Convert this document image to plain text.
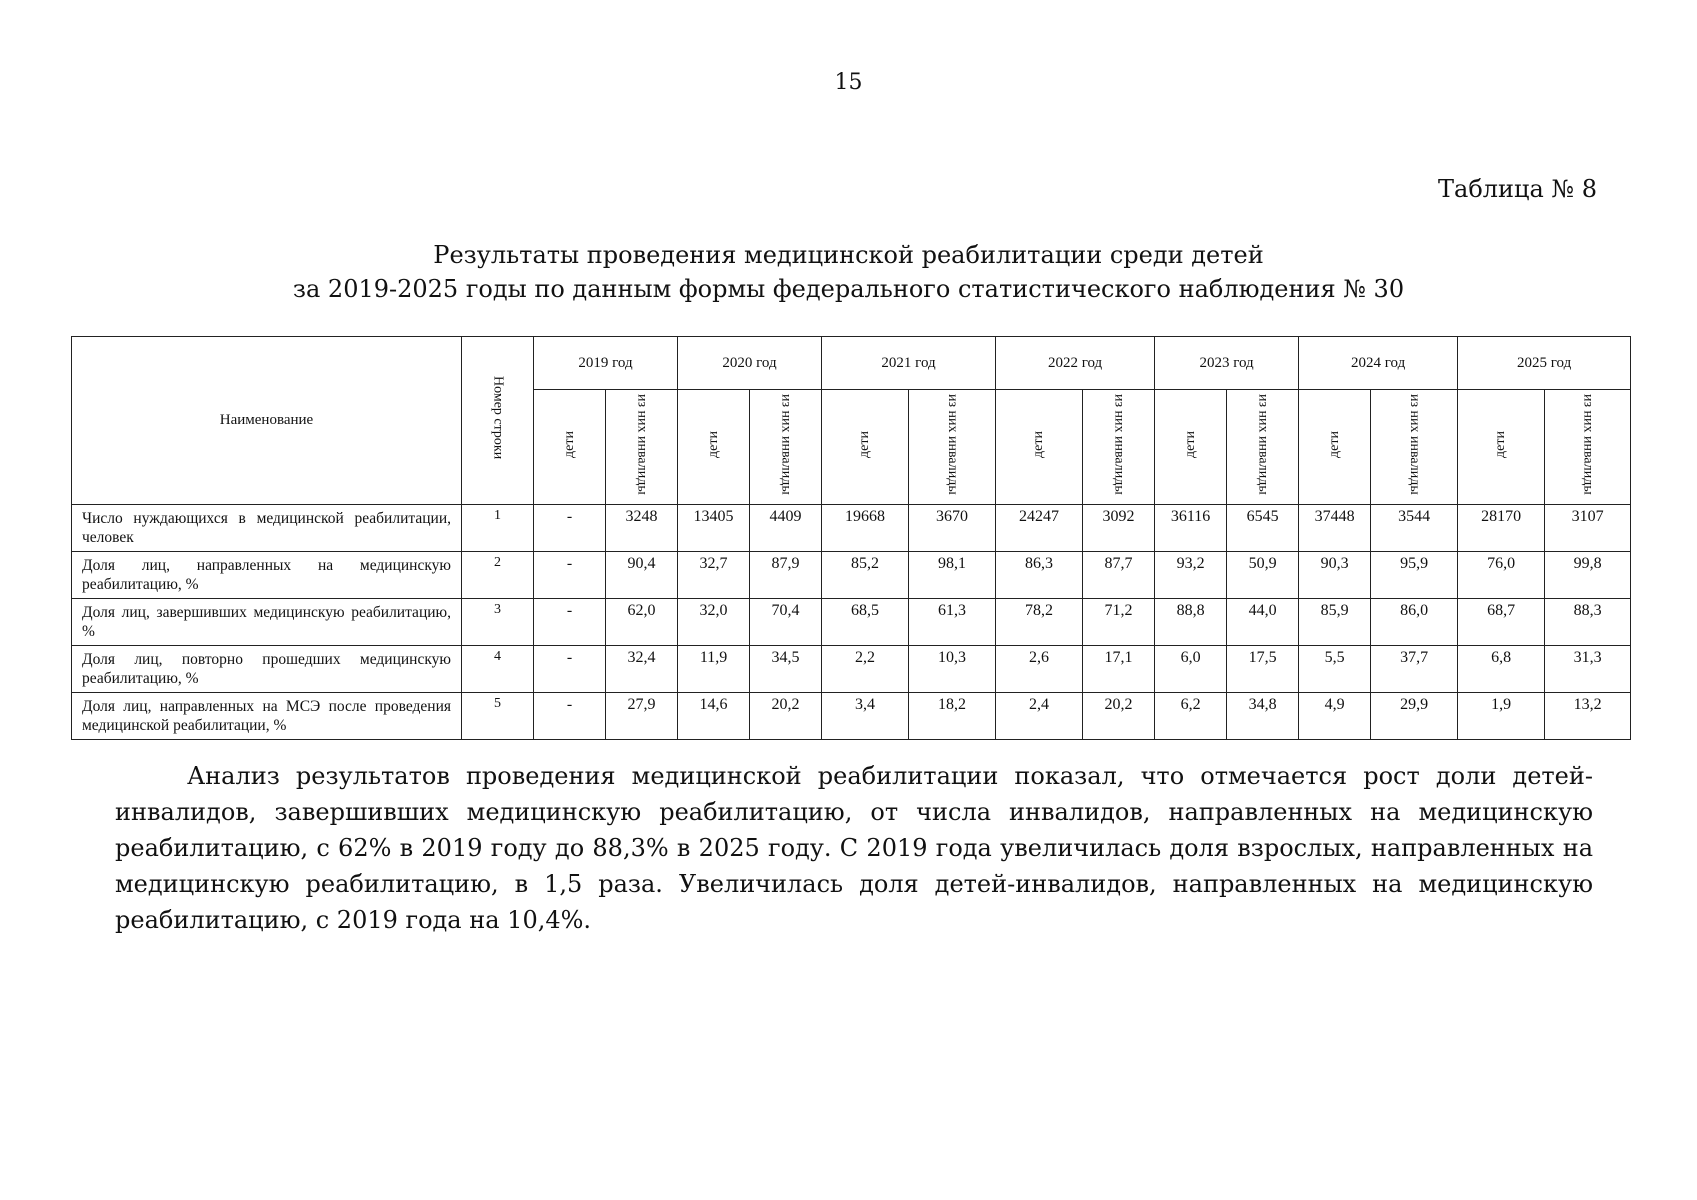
15
Таблица № 8
Результаты проведения медицинской реабилитации среди детей
за 2019-2025 годы по данным формы федерального статистического наблюдения № 30
Наименование	Номер строки	2019 год		2020 год		2021 год		2022 год		2023 год		2024 год		2025 год	
		дети	из них инвалиды	дети	из них инвалиды	дети	из них инвалиды	дети	из них инвалиды	дети	из них инвалиды	дети	из них инвалиды	дети	из них инвалиды
Число нуждающихся в медицинской реабилитации, человек	1	-	3248	13405	4409	19668	3670	24247	3092	36116	6545	37448	3544	28170	3107
Доля лиц, направленных на медицинскую реабилитацию, %	2	-	90,4	32,7	87,9	85,2	98,1	86,3	87,7	93,2	50,9	90,3	95,9	76,0	99,8
Доля лиц, завершивших медицинскую реабилитацию, %	3	-	62,0	32,0	70,4	68,5	61,3	78,2	71,2	88,8	44,0	85,9	86,0	68,7	88,3
Доля лиц, повторно прошедших медицинскую реабилитацию, %	4	-	32,4	11,9	34,5	2,2	10,3	2,6	17,1	6,0	17,5	5,5	37,7	6,8	31,3
Доля лиц, направленных на МСЭ после проведения медицинской реабилитации, %	5	-	27,9	14,6	20,2	3,4	18,2	2,4	20,2	6,2	34,8	4,9	29,9	1,9	13,2
Анализ результатов проведения медицинской реабилитации показал, что отмечается рост доли детей-инвалидов, завершивших медицинскую реабилитацию, от числа инвалидов, направленных на медицинскую реабилитацию, с 62% в 2019 году до 88,3% в 2025 году. С 2019 года увеличилась доля взрослых, направленных на медицинскую реабилитацию, в 1,5 раза. Увеличилась доля детей-инвалидов, направленных на медицинскую реабилитацию, с 2019 года на 10,4%.
